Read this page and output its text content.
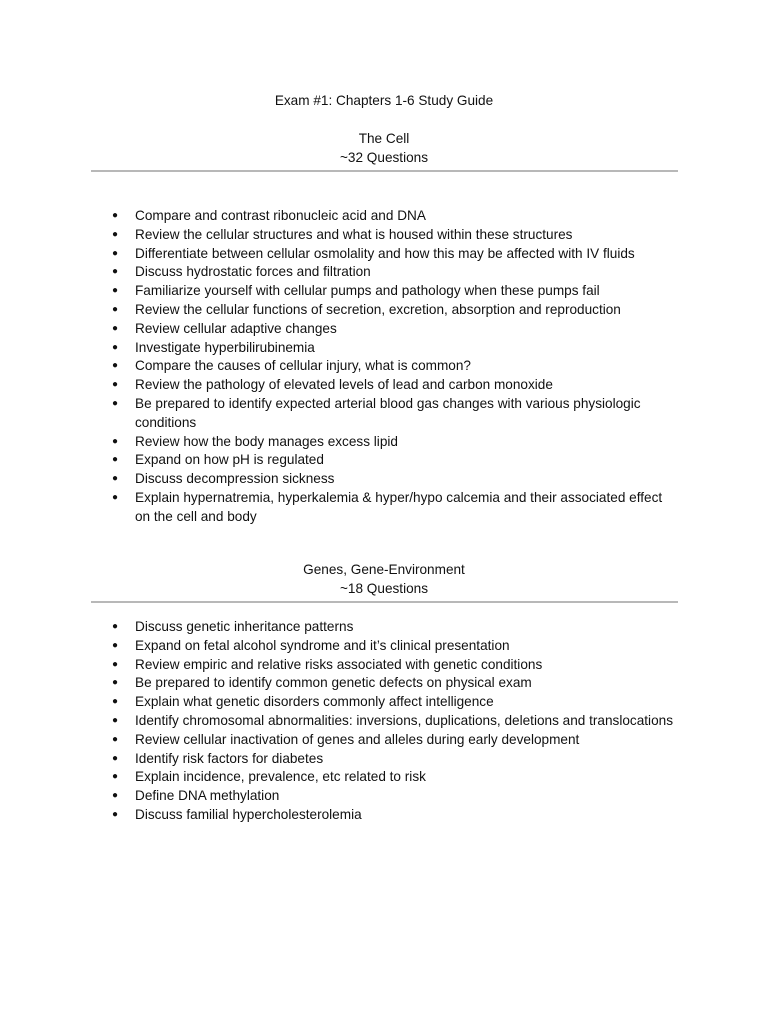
Exam #1: Chapters 1-6 Study Guide
The Cell
~32 Questions
● Compare and contrast ribonucleic acid and DNA
● Review the cellular structures and what is housed within these structures
● Differentiate between cellular osmolality and how this may be affected with IV fluids
● Discuss hydrostatic forces and filtration
● Familiarize yourself with cellular pumps and pathology when these pumps fail
● Review the cellular functions of secretion, excretion, absorption and reproduction
● Review cellular adaptive changes
● Investigate hyperbilirubinemia
● Compare the causes of cellular injury, what is common?
● Review the pathology of elevated levels of lead and carbon monoxide
● Be prepared to identify expected arterial blood gas changes with various physiologic conditions
● Review how the body manages excess lipid
● Expand on how pH is regulated
● Discuss decompression sickness
● Explain hypernatremia, hyperkalemia & hyper/hypo calcemia and their associated effect on the cell and body
Genes, Gene-Environment
~18 Questions
● Discuss genetic inheritance patterns
● Expand on fetal alcohol syndrome and it’s clinical presentation
● Review empiric and relative risks associated with genetic conditions
● Be prepared to identify common genetic defects on physical exam
● Explain what genetic disorders commonly affect intelligence
● Identify chromosomal abnormalities: inversions, duplications, deletions and translocations
● Review cellular inactivation of genes and alleles during early development
● Identify risk factors for diabetes
● Explain incidence, prevalence, etc related to risk
● Define DNA methylation
● Discuss familial hypercholesterolemia
